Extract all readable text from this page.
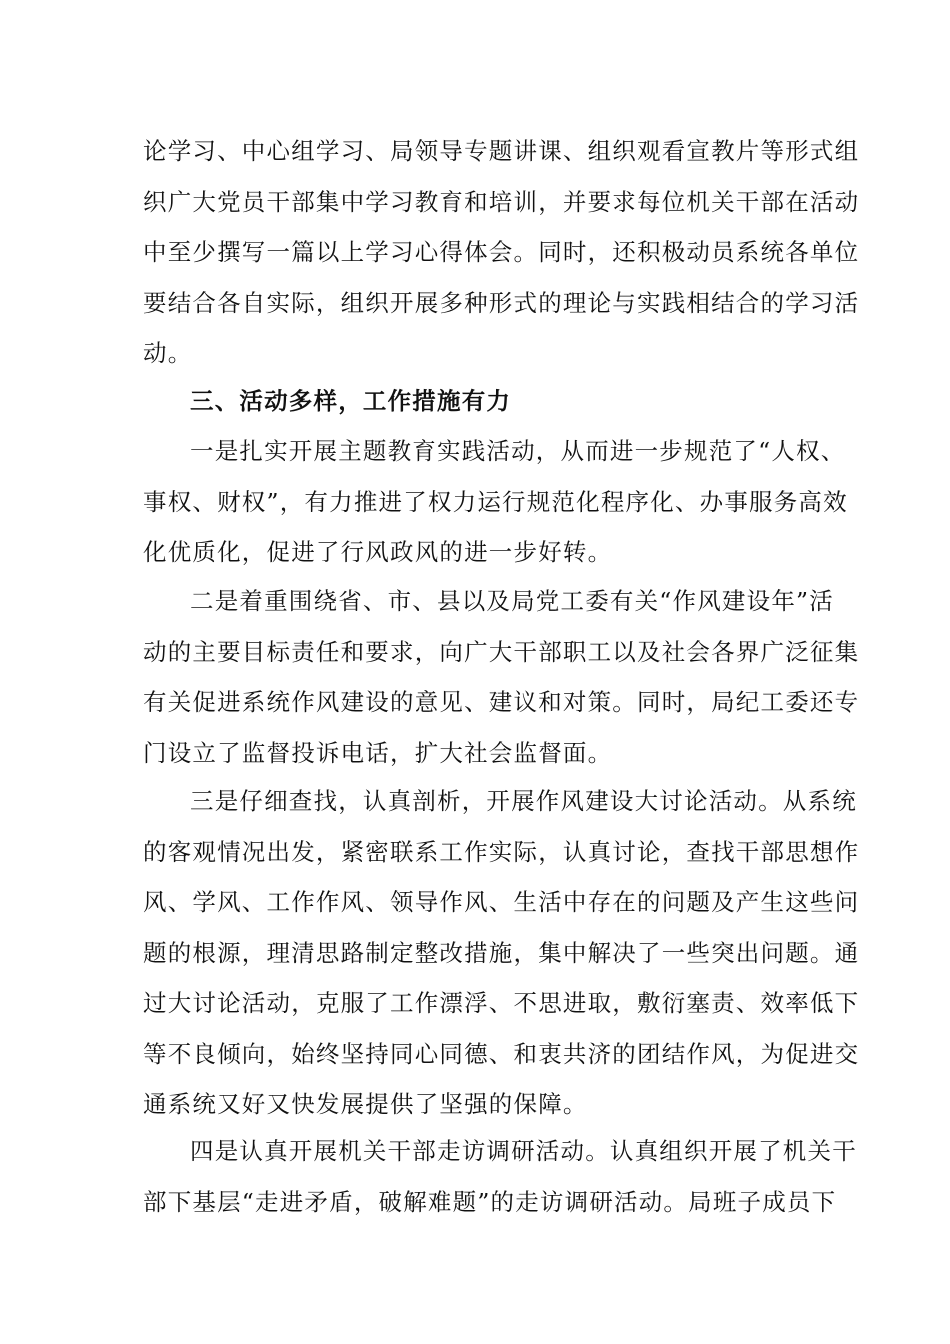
论学习、中心组学习、局领导专题讲课、组织观看宣教片等形式组
织广大党员干部集中学习教育和培训，并要求每位机关干部在活动
中至少撰写一篇以上学习心得体会。同时，还积极动员系统各单位
要结合各自实际，组织开展多种形式的理论与实践相结合的学习活
动。
三、活动多样，工作措施有力
一是扎实开展主题教育实践活动，从而进一步规范了“人权、
事权、财权”，有力推进了权力运行规范化程序化、办事服务高效
化优质化，促进了行风政风的进一步好转。
二是着重围绕省、市、县以及局党工委有关“作风建设年”活
动的主要目标责任和要求，向广大干部职工以及社会各界广泛征集
有关促进系统作风建设的意见、建议和对策。同时，局纪工委还专
门设立了监督投诉电话，扩大社会监督面。
三是仔细查找，认真剖析，开展作风建设大讨论活动。从系统
的客观情况出发，紧密联系工作实际，认真讨论，查找干部思想作
风、学风、工作作风、领导作风、生活中存在的问题及产生这些问
题的根源，理清思路制定整改措施，集中解决了一些突出问题。通
过大讨论活动，克服了工作漂浮、不思进取，敷衍塞责、效率低下
等不良倾向，始终坚持同心同德、和衷共济的团结作风，为促进交
通系统又好又快发展提供了坚强的保障。
四是认真开展机关干部走访调研活动。认真组织开展了机关干
部下基层“走进矛盾，破解难题”的走访调研活动。局班子成员下
